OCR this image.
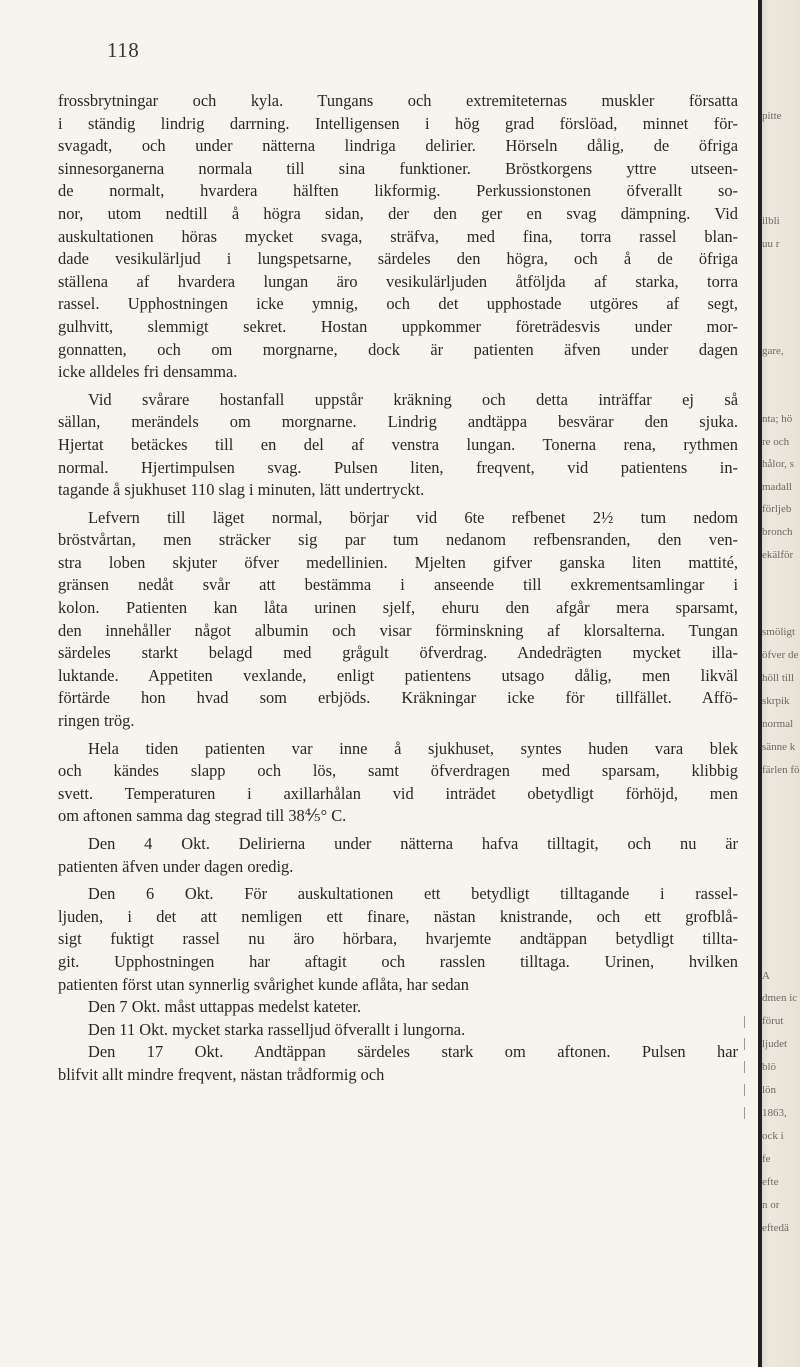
118
frossbrytningar och kyla. Tungans och extremiteternas muskler försatta
i ständig lindrig darrning. Intelligensen i hög grad förslöad, minnet för-
svagadt, och under nätterna lindriga delirier. Hörseln dålig, de öfriga
sinnesorganerna normala till sina funktioner. Bröstkorgens yttre utseen-
de normalt, hvardera hälften likformig. Perkussionstonen öfverallt so-
nor, utom nedtill å högra sidan, der den ger en svag dämpning. Vid
auskultationen höras mycket svaga, sträfva, med fina, torra rassel blan-
dade vesikulärljud i lungspetsarne, särdeles den högra, och å de öfriga
ställena af hvardera lungan äro vesikulärljuden åtföljda af starka, torra
rassel. Upphostningen icke ymnig, och det upphostade utgöres af segt,
gulhvitt, slemmigt sekret. Hostan uppkommer företrädesvis under mor-
gonnatten, och om morgnarne, dock är patienten äfven under dagen
icke alldeles fri densamma.
Vid svårare hostanfall uppstår kräkning och detta inträffar ej så
sällan, merändels om morgnarne. Lindrig andtäppa besvärar den sjuka.
Hjertat betäckes till en del af venstra lungan. Tonerna rena, rythmen
normal. Hjertimpulsen svag. Pulsen liten, freqvent, vid patientens in-
tagande å sjukhuset 110 slag i minuten, lätt undertryckt.
Lefvern till läget normal, börjar vid 6te refbenet 2½ tum nedom
bröstvårtan, men sträcker sig par tum nedanom refbensranden, den ven-
stra loben skjuter öfver medellinien. Mjelten gifver ganska liten mattité,
gränsen nedåt svår att bestämma i anseende till exkrementsamlingar i
kolon. Patienten kan låta urinen sjelf, ehuru den afgår mera sparsamt,
den innehåller något albumin och visar förminskning af klorsalterna. Tungan
särdeles starkt belagd med grågult öfverdrag. Andedrägten mycket illa-
luktande. Appetiten vexlande, enligt patientens utsago dålig, men likväl
förtärde hon hvad som erbjöds. Kräkningar icke för tillfället. Affö-
ringen trög.
Hela tiden patienten var inne å sjukhuset, syntes huden vara blek
och kändes slapp och lös, samt öfverdragen med sparsam, klibbig
svett. Temperaturen i axillarhålan vid inträdet obetydligt förhöjd, men
om aftonen samma dag stegrad till 38⅘° C.
Den 4 Okt. Delirierna under nätterna hafva tilltagit, och nu är
patienten äfven under dagen oredig.
Den 6 Okt. För auskultationen ett betydligt tilltagande i rassel-
ljuden, i det att nemligen ett finare, nästan knistrande, och ett grofblå-
sigt fuktigt rassel nu äro hörbara, hvarjemte andtäppan betydligt tillta-
git. Upphostningen har aftagit och rasslen tilltaga. Urinen, hvilken
patienten först utan synnerlig svårighet kunde aflåta, har sedan
Den 7 Okt. måst uttappas medelst kateter.
Den 11 Okt. mycket starka rasselljud öfverallt i lungorna.
Den 17 Okt. Andtäppan särdeles stark om aftonen. Pulsen har
blifvit allt mindre freqvent, nästan trådformig och
pitte
ilbli
uu r
gare,
nta; hö
re och
hålor, s
madall
förljeb
bronch
ekälför
smöligt
öfver de
höll till
skrpik
normal
sänne k
färlen fö
A
dmen ic
förut
ljudet
blö
lön
1863,
ock i
fe
efte
n or
eftedä
